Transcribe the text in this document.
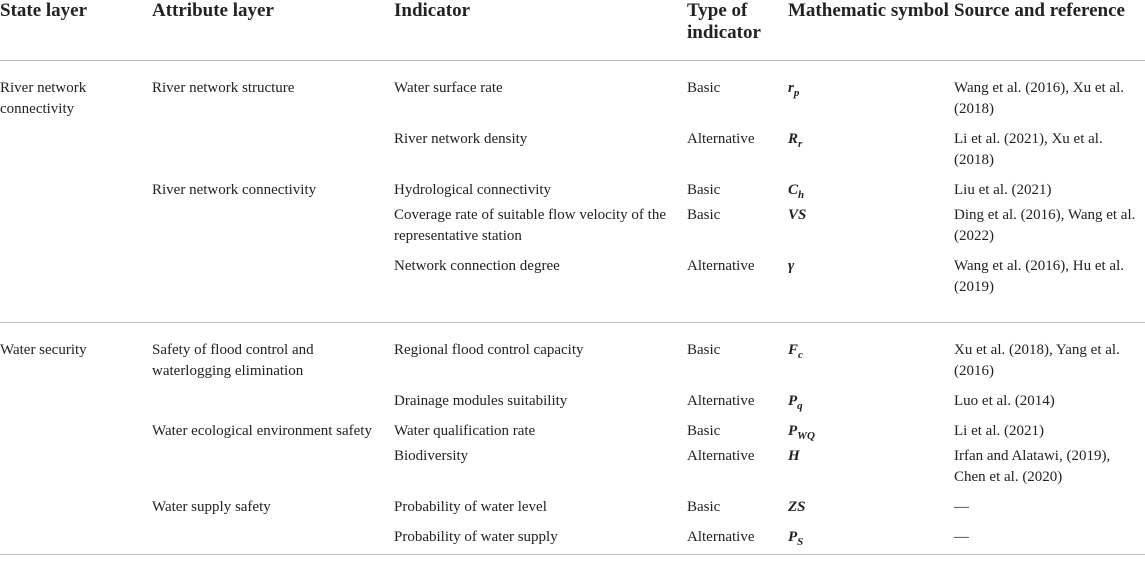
State layer	Attribute layer	Indicator	Type of indicator	Mathematic symbol	Source and reference
River network connectivity	River network structure	Water surface rate	Basic	$r_p$	Wang et al. (2016), Xu et al. (2018)
		River network density	Alternative	$R_r$	Li et al. (2021), Xu et al. (2018)
	River network connectivity	Hydrological connectivity	Basic	$C_h$	Liu et al. (2021)
		Coverage rate of suitable flow velocity of the representative station	Basic	VS	Ding et al. (2016), Wang et al. (2022)
		Network connection degree	Alternative	γ	Wang et al. (2016), Hu et al. (2019)
Water security	Safety of flood control and waterlogging elimination	Regional flood control capacity	Basic	$F_c$	Xu et al. (2018), Yang et al. (2016)
		Drainage modules suitability	Alternative	$P_q$	Luo et al. (2014)
	Water ecological environment safety	Water qualification rate	Basic	$P_{WQ}$	Li et al. (2021)
		Biodiversity	Alternative	H	Irfan and Alatawi, (2019), Chen et al. (2020)
	Water supply safety	Probability of water level	Basic	ZS	—
		Probability of water supply	Alternative	$P_S$	—
